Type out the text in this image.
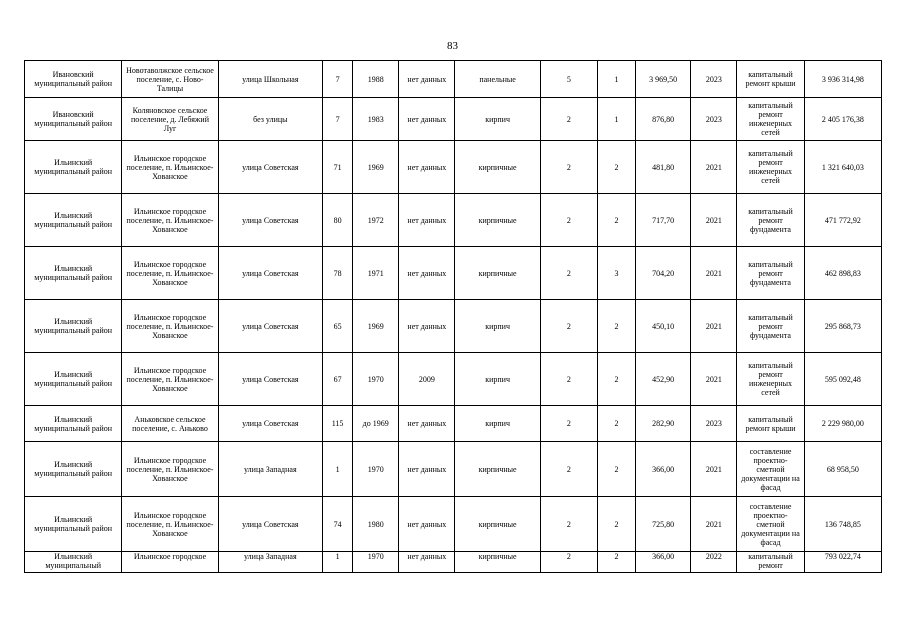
83
Ивановский муниципальный район	Новотаволжское сельское поселение, с. Ново-Талицы	улица Школьная	7	1988	нет данных	панельные	5	1	3 969,50	2023	капитальный ремонт крыши	3 936 314,98
Ивановский муниципальный район	Коляновское сельское поселение, д. Лебяжий Луг	без улицы	7	1983	нет данных	кирпич	2	1	876,80	2023	капитальный ремонт инженерных сетей	2 405 176,38
Ильинский муниципальный район	Ильинское городское поселение, п. Ильинское-Хованское	улица Советская	71	1969	нет данных	кирпичные	2	2	481,80	2021	капитальный ремонт инженерных сетей	1 321 640,03
Ильинский муниципальный район	Ильинское городское поселение, п. Ильинское-Хованское	улица Советская	80	1972	нет данных	кирпичные	2	2	717,70	2021	капитальный ремонт фундамента	471 772,92
Ильинский муниципальный район	Ильинское городское поселение, п. Ильинское-Хованское	улица Советская	78	1971	нет данных	кирпичные	2	3	704,20	2021	капитальный ремонт фундамента	462 898,83
Ильинский муниципальный район	Ильинское городское поселение, п. Ильинское-Хованское	улица Советская	65	1969	нет данных	кирпич	2	2	450,10	2021	капитальный ремонт фундамента	295 868,73
Ильинский муниципальный район	Ильинское городское поселение, п. Ильинское-Хованское	улица Советская	67	1970	2009	кирпич	2	2	452,90	2021	капитальный ремонт инженерных сетей	595 092,48
Ильинский муниципальный район	Аньковское сельское поселение, с. Аньково	улица Советская	115	до 1969	нет данных	кирпич	2	2	282,90	2023	капитальный ремонт крыши	2 229 980,00
Ильинский муниципальный район	Ильинское городское поселение, п. Ильинское-Хованское	улица Западная	1	1970	нет данных	кирпичные	2	2	366,00	2021	составление проектно-сметной документации на фасад	68 958,50
Ильинский муниципальный район	Ильинское городское поселение, п. Ильинское-Хованское	улица Советская	74	1980	нет данных	кирпичные	2	2	725,80	2021	составление проектно-сметной документации на фасад	136 748,85
Ильинский муниципальный	Ильинское городское	улица Западная	1	1970	нет данных	кирпичные	2	2	366,00	2022	капитальный ремонт	793 022,74
